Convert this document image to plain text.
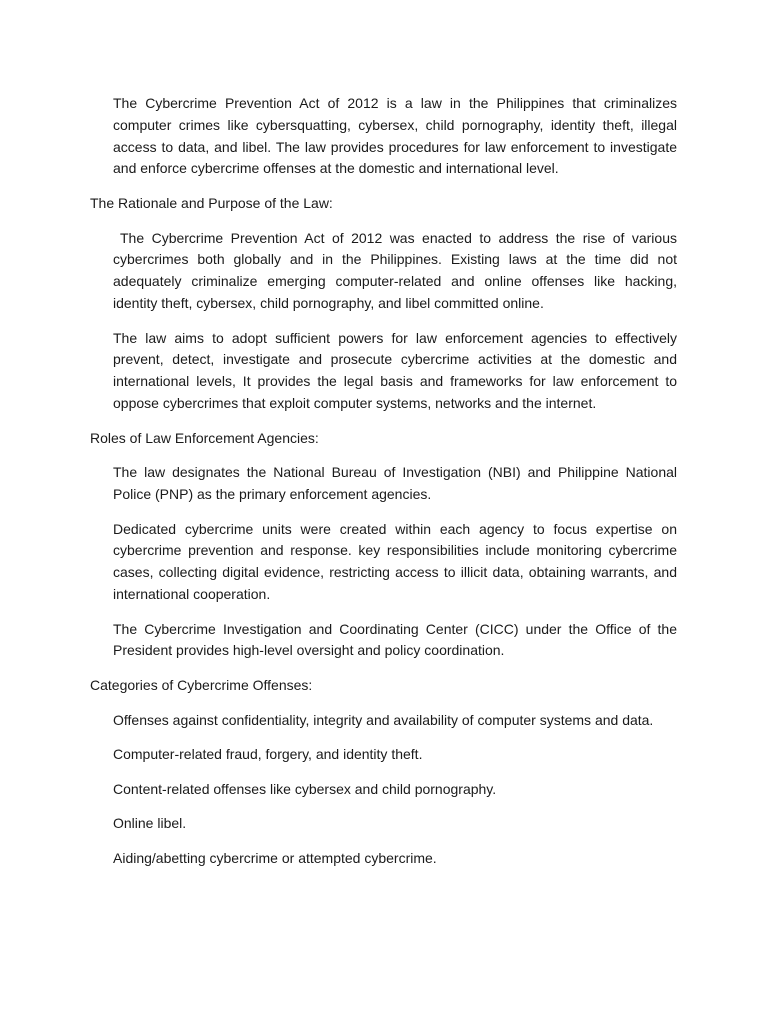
The Cybercrime Prevention Act of 2012 is a law in the Philippines that criminalizes computer crimes like cybersquatting, cybersex, child pornography, identity theft, illegal access to data, and libel. The law provides procedures for law enforcement to investigate and enforce cybercrime offenses at the domestic and international level.

The Rationale and Purpose of the Law:

The Cybercrime Prevention Act of 2012 was enacted to address the rise of various cybercrimes both globally and in the Philippines. Existing laws at the time did not adequately criminalize emerging computer-related and online offenses like hacking, identity theft, cybersex, child pornography, and libel committed online.

The law aims to adopt sufficient powers for law enforcement agencies to effectively prevent, detect, investigate and prosecute cybercrime activities at the domestic and international levels, It provides the legal basis and frameworks for law enforcement to oppose cybercrimes that exploit computer systems, networks and the internet.

Roles of Law Enforcement Agencies:

The law designates the National Bureau of Investigation (NBI) and Philippine National Police (PNP) as the primary enforcement agencies.

Dedicated cybercrime units were created within each agency to focus expertise on cybercrime prevention and response. key responsibilities include monitoring cybercrime cases, collecting digital evidence, restricting access to illicit data, obtaining warrants, and international cooperation.

The Cybercrime Investigation and Coordinating Center (CICC) under the Office of the President provides high-level oversight and policy coordination.

Categories of Cybercrime Offenses:

Offenses against confidentiality, integrity and availability of computer systems and data.

Computer-related fraud, forgery, and identity theft.

Content-related offenses like cybersex and child pornography.

Online libel.

Aiding/abetting cybercrime or attempted cybercrime.
